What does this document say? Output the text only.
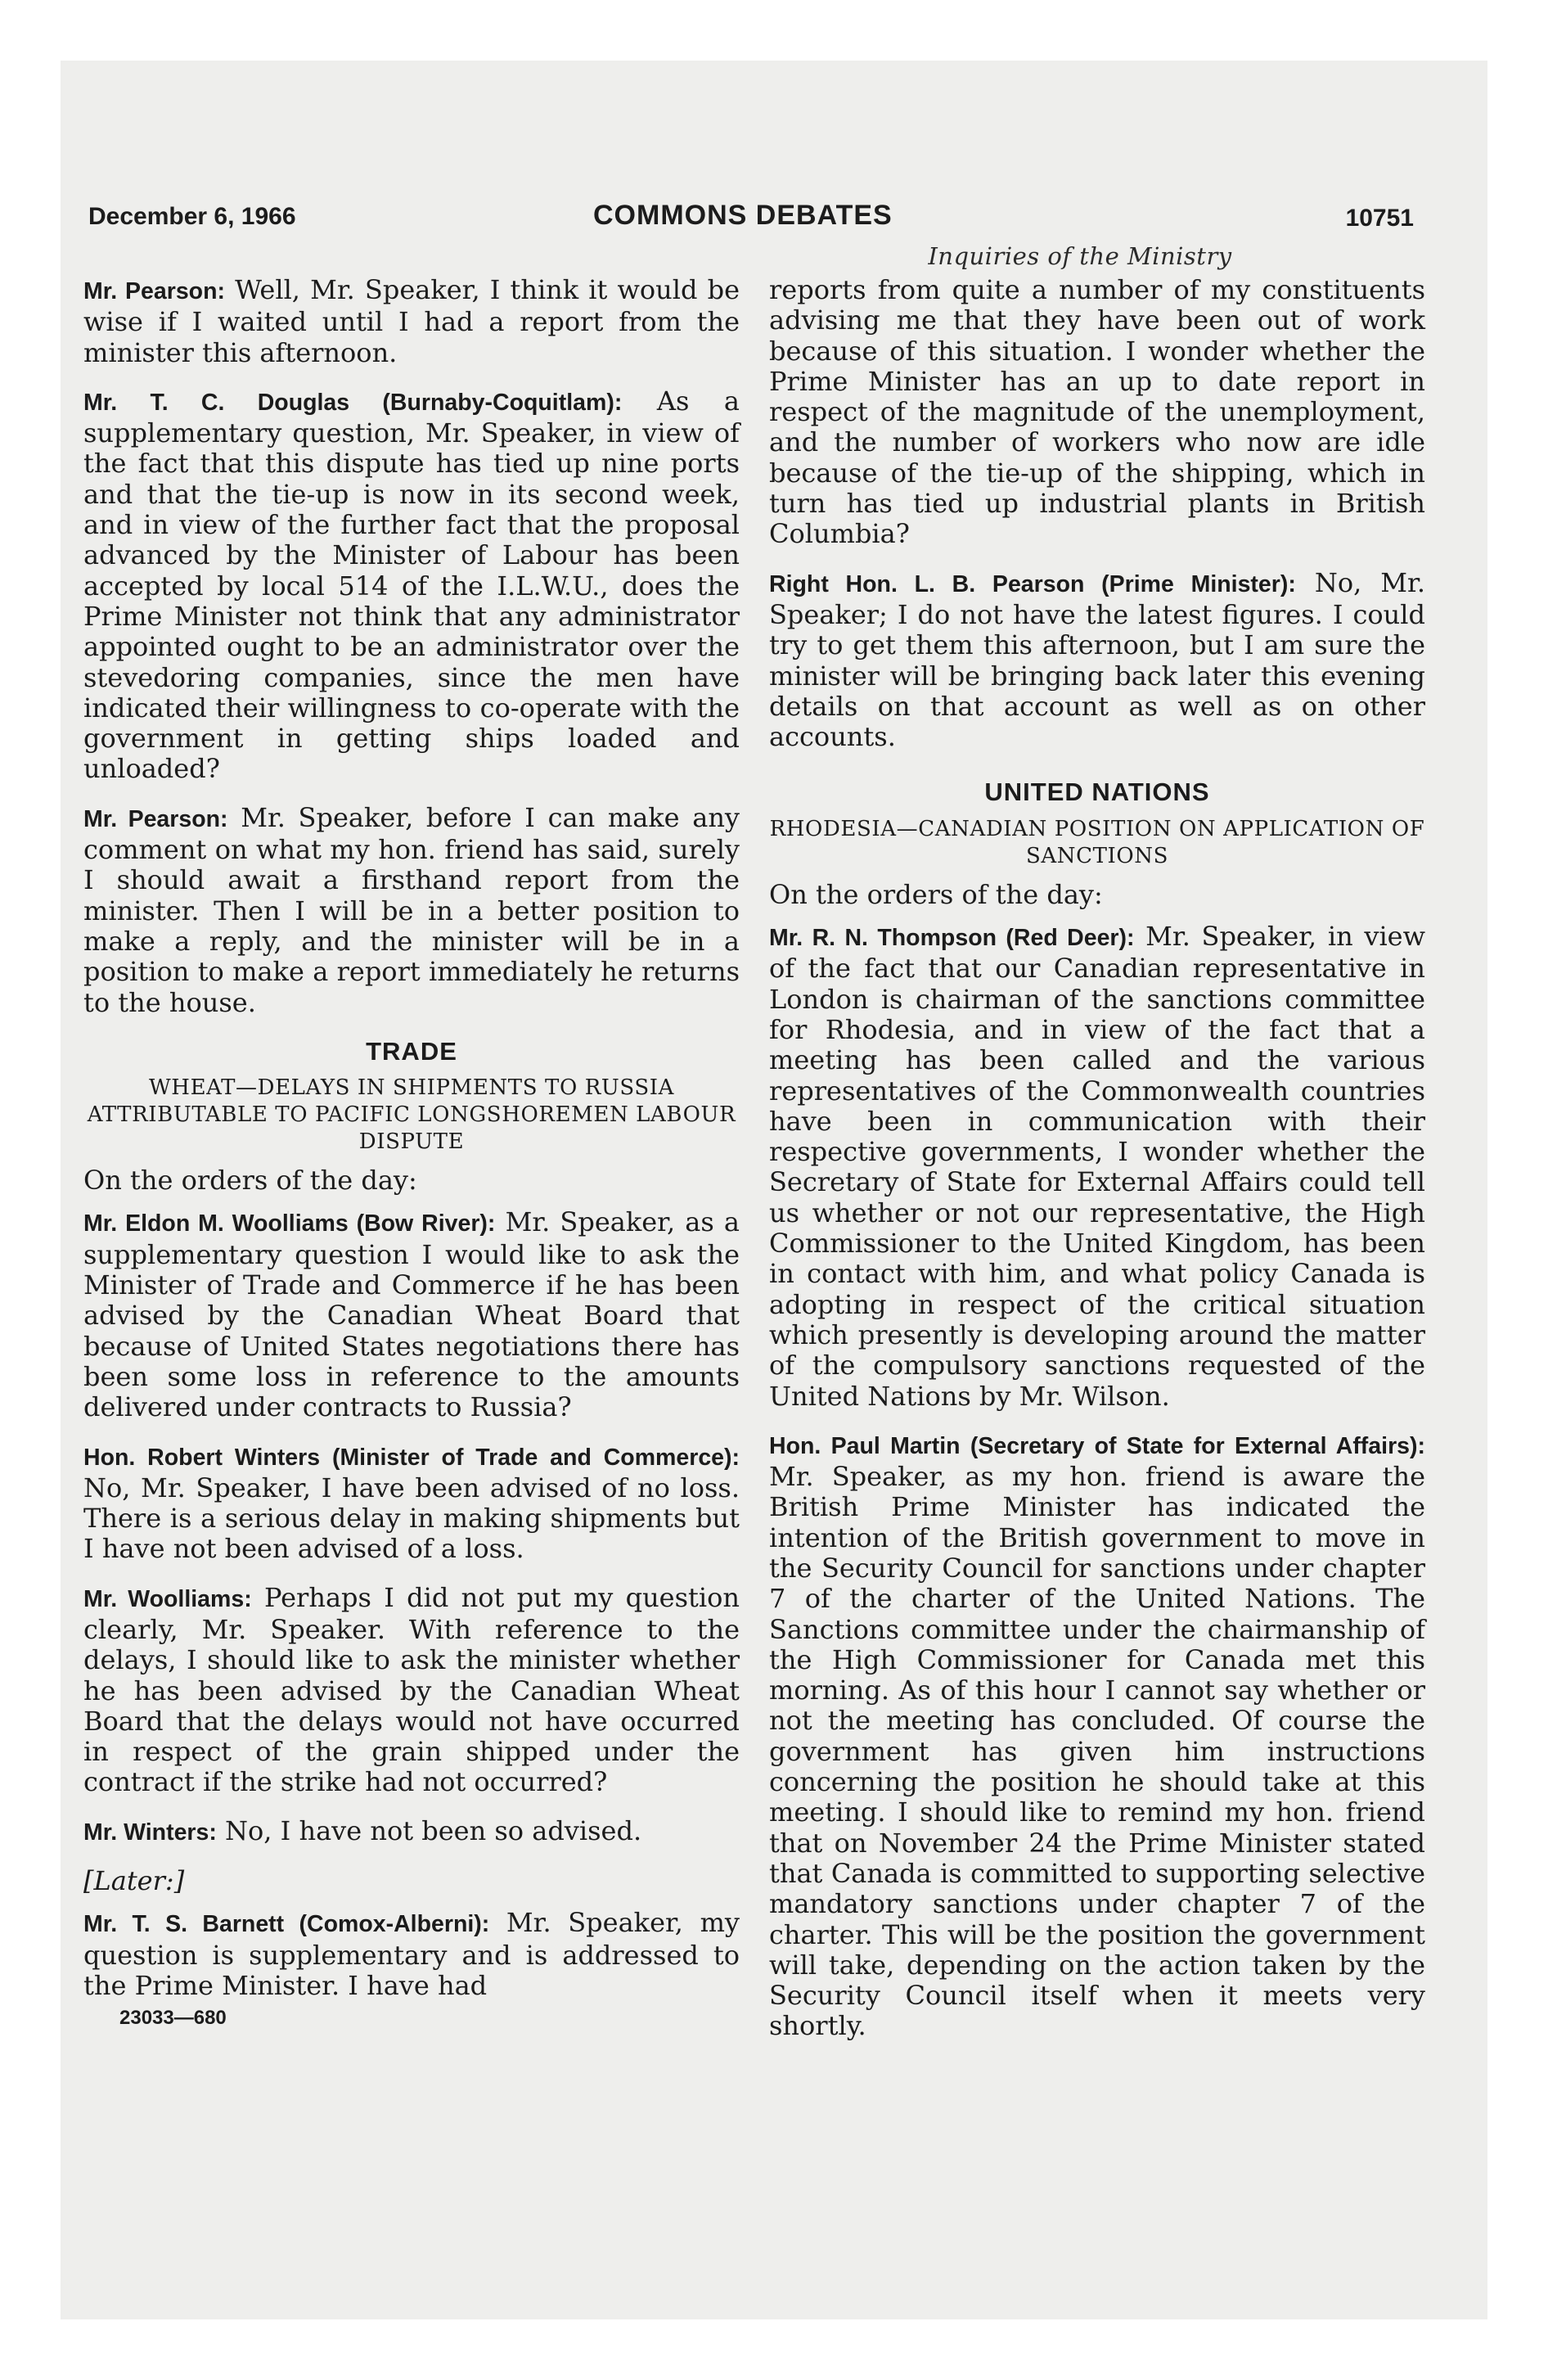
December 6, 1966	COMMONS DEBATES	10751
Inquiries of the Ministry

Mr. Pearson: Well, Mr. Speaker, I think it would be wise if I waited until I had a report from the minister this afternoon.

Mr. T. C. Douglas (Burnaby-Coquitlam): As a supplementary question, Mr. Speaker, in view of the fact that this dispute has tied up nine ports and that the tie-up is now in its second week, and in view of the further fact that the proposal advanced by the Minister of Labour has been accepted by local 514 of the I.L.W.U., does the Prime Minister not think that any administrator appointed ought to be an administrator over the stevedoring companies, since the men have indicated their willingness to co-operate with the government in getting ships loaded and unloaded?

Mr. Pearson: Mr. Speaker, before I can make any comment on what my hon. friend has said, surely I should await a firsthand report from the minister. Then I will be in a better position to make a reply, and the minister will be in a position to make a report immediately he returns to the house.

TRADE
WHEAT—DELAYS IN SHIPMENTS TO RUSSIA ATTRIBUTABLE TO PACIFIC LONGSHOREMEN LABOUR DISPUTE
On the orders of the day:

Mr. Eldon M. Woolliams (Bow River): Mr. Speaker, as a supplementary question I would like to ask the Minister of Trade and Commerce if he has been advised by the Canadian Wheat Board that because of United States negotiations there has been some loss in reference to the amounts delivered under contracts to Russia?

Hon. Robert Winters (Minister of Trade and Commerce): No, Mr. Speaker, I have been advised of no loss. There is a serious delay in making shipments but I have not been advised of a loss.

Mr. Woolliams: Perhaps I did not put my question clearly, Mr. Speaker. With reference to the delays, I should like to ask the minister whether he has been advised by the Canadian Wheat Board that the delays would not have occurred in respect of the grain shipped under the contract if the strike had not occurred?

Mr. Winters: No, I have not been so advised.

[Later:]

Mr. T. S. Barnett (Comox-Alberni): Mr. Speaker, my question is supplementary and is addressed to the Prime Minister. I have had

23033—680

reports from quite a number of my constituents advising me that they have been out of work because of this situation. I wonder whether the Prime Minister has an up to date report in respect of the magnitude of the unemployment, and the number of workers who now are idle because of the tie-up of the shipping, which in turn has tied up industrial plants in British Columbia?

Right Hon. L. B. Pearson (Prime Minister): No, Mr. Speaker; I do not have the latest figures. I could try to get them this afternoon, but I am sure the minister will be bringing back later this evening details on that account as well as on other accounts.

UNITED NATIONS
RHODESIA—CANADIAN POSITION ON APPLICATION OF SANCTIONS
On the orders of the day:

Mr. R. N. Thompson (Red Deer): Mr. Speaker, in view of the fact that our Canadian representative in London is chairman of the sanctions committee for Rhodesia, and in view of the fact that a meeting has been called and the various representatives of the Commonwealth countries have been in communication with their respective governments, I wonder whether the Secretary of State for External Affairs could tell us whether or not our representative, the High Commissioner to the United Kingdom, has been in contact with him, and what policy Canada is adopting in respect of the critical situation which presently is developing around the matter of the compulsory sanctions requested of the United Nations by Mr. Wilson.

Hon. Paul Martin (Secretary of State for External Affairs): Mr. Speaker, as my hon. friend is aware the British Prime Minister has indicated the intention of the British government to move in the Security Council for sanctions under chapter 7 of the charter of the United Nations. The Sanctions committee under the chairmanship of the High Commissioner for Canada met this morning. As of this hour I cannot say whether or not the meeting has concluded. Of course the government has given him instructions concerning the position he should take at this meeting. I should like to remind my hon. friend that on November 24 the Prime Minister stated that Canada is committed to supporting selective mandatory sanctions under chapter 7 of the charter. This will be the position the government will take, depending on the action taken by the Security Council itself when it meets very shortly.
